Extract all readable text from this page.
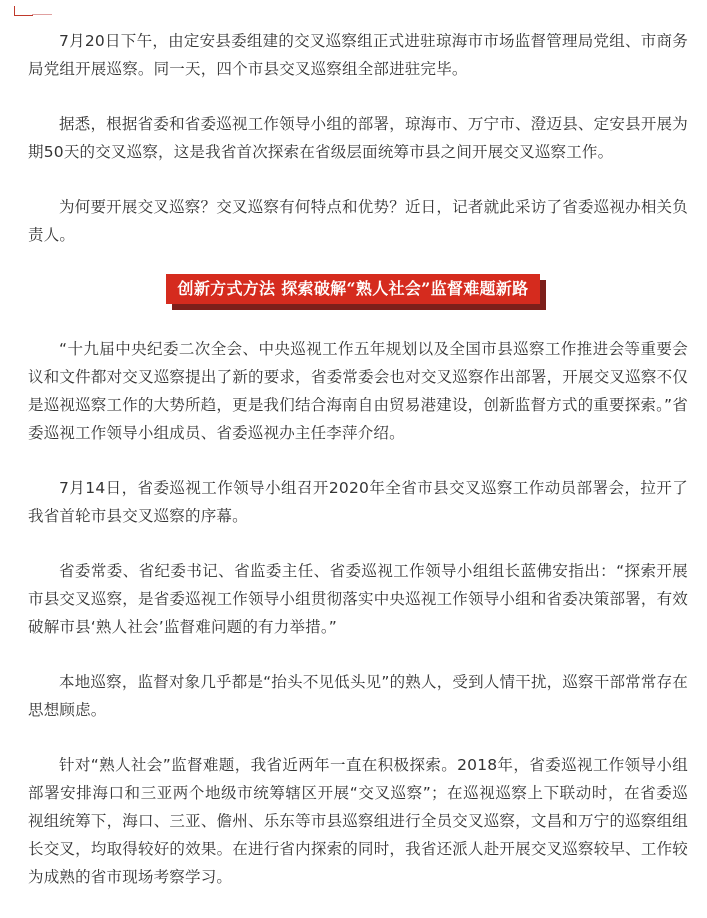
7月20日下午，由定安县委组建的交叉巡察组正式进驻琼海市市场监督管理局党组、市商务局党组开展巡察。同一天，四个市县交叉巡察组全部进驻完毕。

据悉，根据省委和省委巡视工作领导小组的部署，琼海市、万宁市、澄迈县、定安县开展为期50天的交叉巡察，这是我省首次探索在省级层面统筹市县之间开展交叉巡察工作。

为何要开展交叉巡察？交叉巡察有何特点和优势？近日，记者就此采访了省委巡视办相关负责人。

创新方式方法 探索破解“熟人社会”监督难题新路

“十九届中央纪委二次全会、中央巡视工作五年规划以及全国市县巡察工作推进会等重要会议和文件都对交叉巡察提出了新的要求，省委常委会也对交叉巡察作出部署，开展交叉巡察不仅是巡视巡察工作的大势所趋，更是我们结合海南自由贸易港建设，创新监督方式的重要探索。”省委巡视工作领导小组成员、省委巡视办主任李萍介绍。

7月14日，省委巡视工作领导小组召开2020年全省市县交叉巡察工作动员部署会，拉开了我省首轮市县交叉巡察的序幕。

省委常委、省纪委书记、省监委主任、省委巡视工作领导小组组长蓝佛安指出：“探索开展市县交叉巡察，是省委巡视工作领导小组贯彻落实中央巡视工作领导小组和省委决策部署，有效破解市县‘熟人社会’监督难问题的有力举措。”

本地巡察，监督对象几乎都是“抬头不见低头见”的熟人，受到人情干扰，巡察干部常常存在思想顾虑。

针对“熟人社会”监督难题，我省近两年一直在积极探索。2018年，省委巡视工作领导小组部署安排海口和三亚两个地级市统筹辖区开展“交叉巡察”；在巡视巡察上下联动时，在省委巡视组统筹下，海口、三亚、儋州、乐东等市县巡察组进行全员交叉巡察，文昌和万宁的巡察组组长交叉，均取得较好的效果。在进行省内探索的同时，我省还派人赴开展交叉巡察较早、工作较为成熟的省市现场考察学习。
